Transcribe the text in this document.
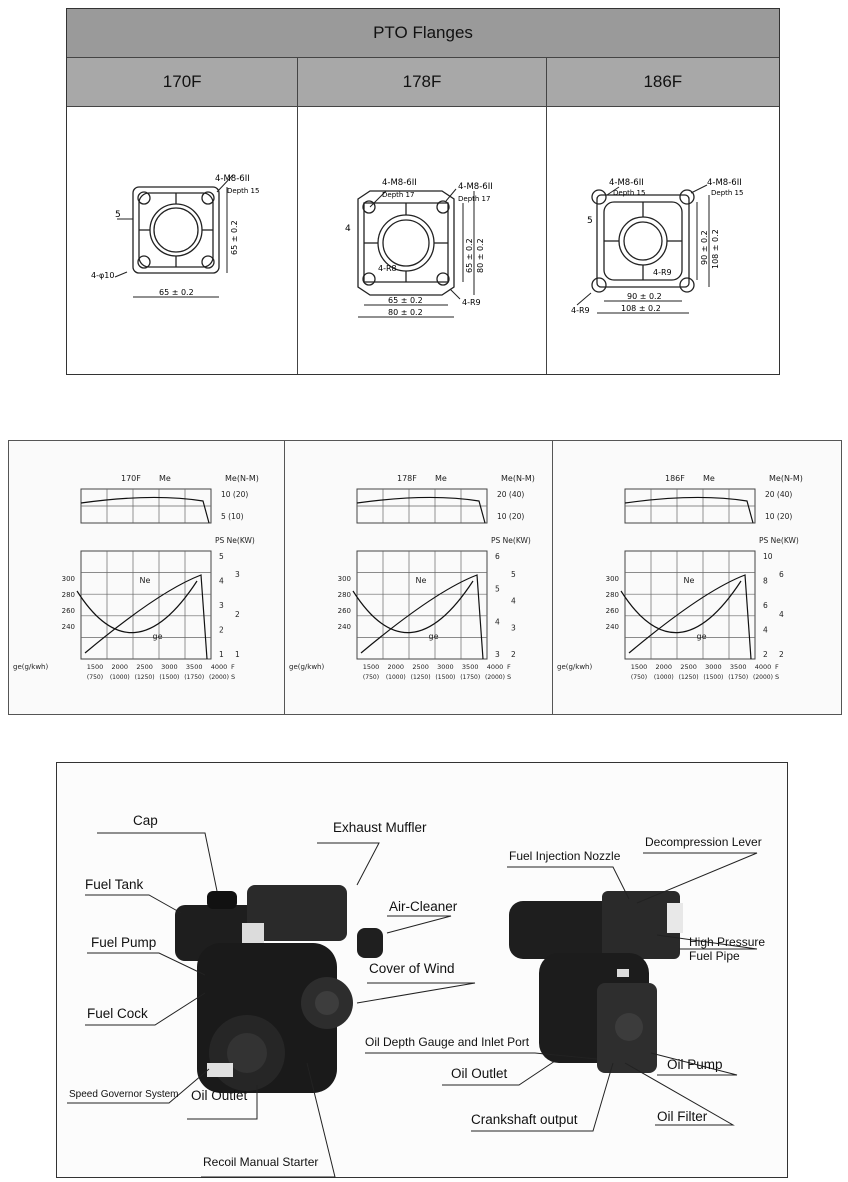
PTO Flanges
170F	178F	186F
4-M8-6II
Depth 15
5
4-φ10
65 ± 0.2
65 ± 0.2
4-M8-6II
Depth 17
4-M8-6II
Depth 17
4
4-R8
4-R9
65 ± 0.2 80 ± 0.2
65 ± 0.2
80 ± 0.2
4-M8-6II
Depth 15
4-M8-6II
Depth 15
5
4-R9
4-R9
90 ± 0.2 108 ± 0.2
90 ± 0.2
108 ± 0.2
170F Me	Me(N-M)
10 (20)
5 (10)
Ne
ge
PS Ne(KW)
5
4
3
2
1
3
2
1
300
280
260
240
ge(g/kwh)	1500 2000 2500 3000 3500 4000
(750) (1000) (1250) (1500) (1750) (2000)
F
S
178F Me	Me(N-M)
20 (40)
10 (20)
Ne
ge
PS Ne(KW)
6
5
4
3
5
4
3
2
300
280
260
240
ge(g/kwh)	1500 2000 2500 3000 3500 4000
(750) (1000) (1250) (1500) (1750) (2000)
F
S
186F Me	Me(N-M)
20 (40)
10 (20)
Ne
ge
PS Ne(KW)
10
8
6
4
2
6
4
2
300
280
260
240
ge(g/kwh)	1500 2000 2500 3000 3500 4000
(750) (1000) (1250) (1500) (1750) (2000)
F
S
Cap	Exhaust Muffler
Fuel Tank
Air-Cleaner
Fuel Pump
Cover of Wind
Fuel Cock
Speed Governor System Oil Outlet
Recoil Manual Starter
Fuel Injection Nozzle
Decompression Lever
High Pressure
Fuel Pipe
Oil Depth Gauge and Inlet Port
Oil Outlet
Oil Pump
Crankshaft output	Oil Filter
